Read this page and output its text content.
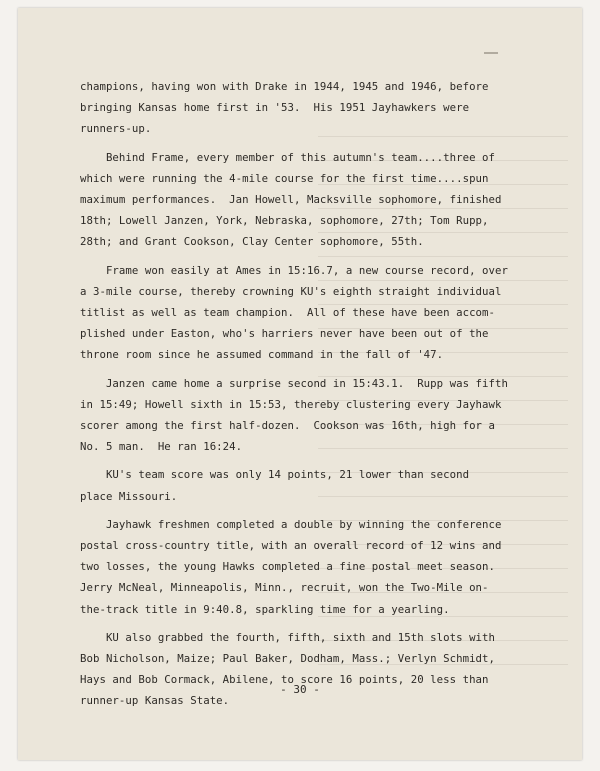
champions, having won with Drake in 1944, 1945 and 1946, before
bringing Kansas home first in '53.  His 1951 Jayhawkers were
runners-up.
Behind Frame, every member of this autumn's team....three of
which were running the 4-mile course for the first time....spun
maximum performances.  Jan Howell, Macksville sophomore, finished
18th; Lowell Janzen, York, Nebraska, sophomore, 27th; Tom Rupp,
28th; and Grant Cookson, Clay Center sophomore, 55th.
Frame won easily at Ames in 15:16.7, a new course record, over
a 3-mile course, thereby crowning KU's eighth straight individual
titlist as well as team champion.  All of these have been accom-
plished under Easton, who's harriers never have been out of the
throne room since he assumed command in the fall of '47.
Janzen came home a surprise second in 15:43.1.  Rupp was fifth
in 15:49; Howell sixth in 15:53, thereby clustering every Jayhawk
scorer among the first half-dozen.  Cookson was 16th, high for a
No. 5 man.  He ran 16:24.
KU's team score was only 14 points, 21 lower than second
place Missouri.
Jayhawk freshmen completed a double by winning the conference
postal cross-country title, with an overall record of 12 wins and
two losses, the young Hawks completed a fine postal meet season.
Jerry McNeal, Minneapolis, Minn., recruit, won the Two-Mile on-
the-track title in 9:40.8, sparkling time for a yearling.
KU also grabbed the fourth, fifth, sixth and 15th slots with
Bob Nicholson, Maize; Paul Baker, Dodham, Mass.; Verlyn Schmidt,
Hays and Bob Cormack, Abilene, to score 16 points, 20 less than
runner-up Kansas State.
- 30 -
